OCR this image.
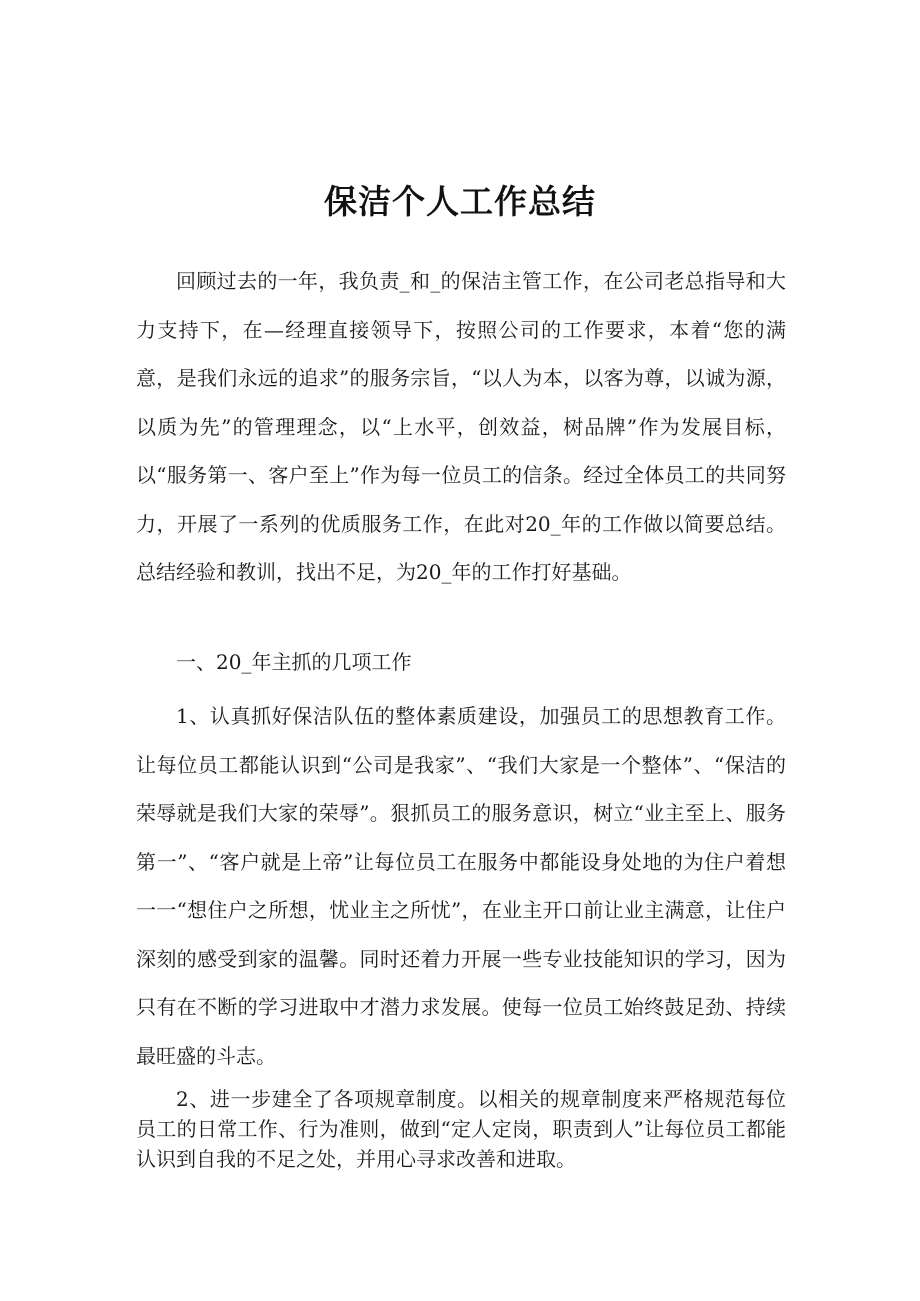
保洁个人工作总结

回顾过去的一年，我负责_和_的保洁主管工作，在公司老总指导和大力支持下，在—经理直接领导下，按照公司的工作要求，本着“您的满意，是我们永远的追求”的服务宗旨，“以人为本，以客为尊，以诚为源，以质为先”的管理理念，以“上水平，创效益，树品牌”作为发展目标，以“服务第一、客户至上”作为每一位员工的信条。经过全体员工的共同努力，开展了一系列的优质服务工作，在此对20_年的工作做以简要总结。总结经验和教训，找出不足，为20_年的工作打好基础。

一、20_年主抓的几项工作

1、认真抓好保洁队伍的整体素质建设，加强员工的思想教育工作。让每位员工都能认识到“公司是我家”、“我们大家是一个整体”、“保洁的荣辱就是我们大家的荣辱”。狠抓员工的服务意识，树立“业主至上、服务第一”、“客户就是上帝”让每位员工在服务中都能设身处地的为住户着想一一“想住户之所想，忧业主之所忧”，在业主开口前让业主满意，让住户深刻的感受到家的温馨。同时还着力开展一些专业技能知识的学习，因为只有在不断的学习进取中才潜力求发展。使每一位员工始终鼓足劲、持续最旺盛的斗志。

2、进一步建全了各项规章制度。以相关的规章制度来严格规范每位员工的日常工作、行为准则，做到“定人定岗，职责到人”让每位员工都能认识到自我的不足之处，并用心寻求改善和进取。
